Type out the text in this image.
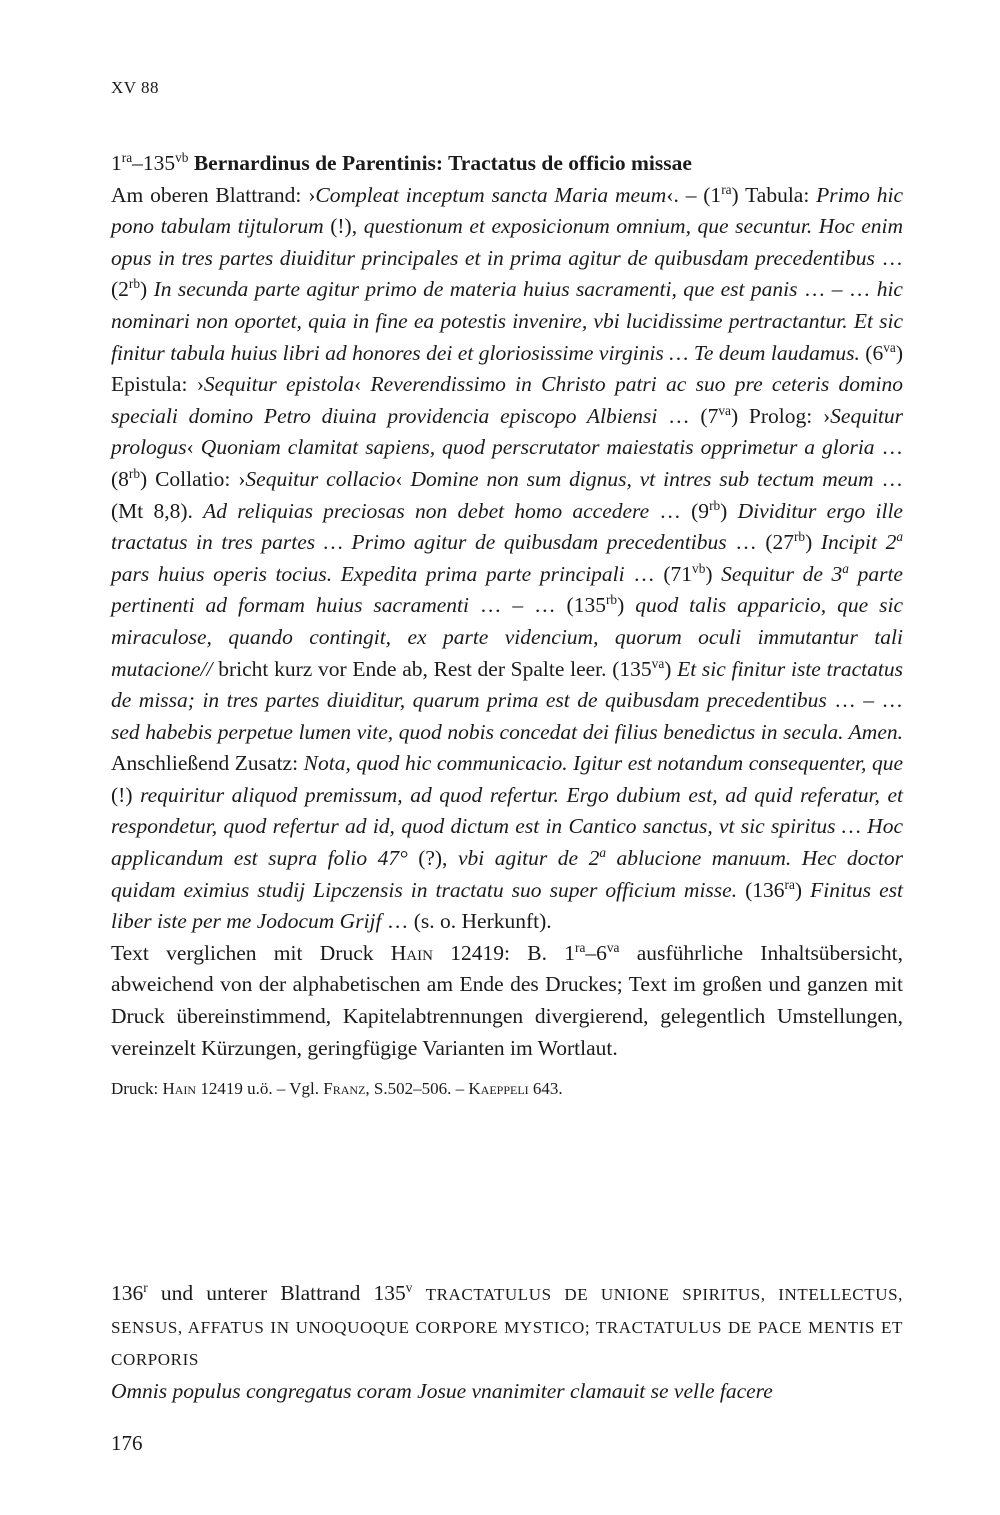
XV 88
$1^{ra}-135^{vb}$ Bernardinus de Parentinis: Tractatus de officio missae

Am oberen Blattrand: ›Compleat inceptum sancta Maria meum‹. – $(1^{ra})$ Tabula: Primo hic pono tabulam tijtulorum (!), questionum et exposicionum omnium, que secuntur. Hoc enim opus in tres partes diuiditur principales et in prima agitur de quibusdam precedentibus … $(2^{rb})$ In secunda parte agitur primo de materia huius sacramenti, que est panis … – … hic nominari non oportet, quia in fine ea potestis invenire, vbi lucidissime pertractantur. Et sic finitur tabula huius libri ad honores dei et gloriosissime virginis … Te deum laudamus. $(6^{va})$ Epistula: ›Sequitur epistola‹ Reverendissimo in Christo patri ac suo pre ceteris domino speciali domino Petro diuina providencia episcopo Albiensi … $(7^{va})$ Prolog: ›Sequitur prologus‹ Quoniam clamitat sapiens, quod perscrutator maiestatis opprimetur a gloria … $(8^{rb})$ Collatio: ›Sequitur collacio‹ Domine non sum dignus, vt intres sub tectum meum … (Mt 8,8). Ad reliquias preciosas non debet homo accedere … $(9^{rb})$ Dividitur ergo ille tractatus in tres partes … Primo agitur de quibusdam precedentibus … $(27^{rb})$ Incipit 2$^a$ pars huius operis tocius. Expedita prima parte principali … $(71^{vb})$ Sequitur de 3$^a$ parte pertinenti ad formam huius sacramenti … – … $(135^{rb})$ quod talis apparicio, que sic miraculose, quando contingit, ex parte videncium, quorum oculi immutantur tali mutacione// bricht kurz vor Ende ab, Rest der Spalte leer. $(135^{va})$ Et sic finitur iste tractatus de missa; in tres partes diuiditur, quarum prima est de quibusdam precedentibus … – … sed habebis perpetue lumen vite, quod nobis concedat dei filius benedictus in secula. Amen. Anschließend Zusatz: Nota, quod hic communicacio. Igitur est notandum consequenter, que (!) requiritur aliquod premissum, ad quod refertur. Ergo dubium est, ad quid referatur, et respondetur, quod refertur ad id, quod dictum est in Cantico sanctus, vt sic spiritus … Hoc applicandum est supra folio 47° (?), vbi agitur de 2$^a$ ablucione manuum. Hec doctor quidam eximius studij Lipczensis in tractatu suo super officium misse. $(136^{ra})$ Finitus est liber iste per me Jodocum Grijf … (s. o. Herkunft).

Text verglichen mit Druck Hain 12419: B. $1^{ra}-6^{va}$ ausführliche Inhaltsübersicht, abweichend von der alphabetischen am Ende des Druckes; Text im großen und ganzen mit Druck übereinstimmend, Kapitelabtrennungen divergierend, gelegentlich Umstellungen, vereinzelt Kürzungen, geringfügige Varianten im Wortlaut.

Druck: Hain 12419 u.ö. – Vgl. Franz, S.502–506. – Kaeppeli 643.

136$^r$ und unterer Blattrand 135$^v$ TRACTATULUS DE UNIONE SPIRITUS, INTELLECTUS, SENSUS, AFFATUS IN UNOQUOQUE CORPORE MYSTICO; TRACTATULUS DE PACE MENTIS ET CORPORIS
Omnis populus congregatus coram Josue vnanimiter clamauit se velle facere
176
